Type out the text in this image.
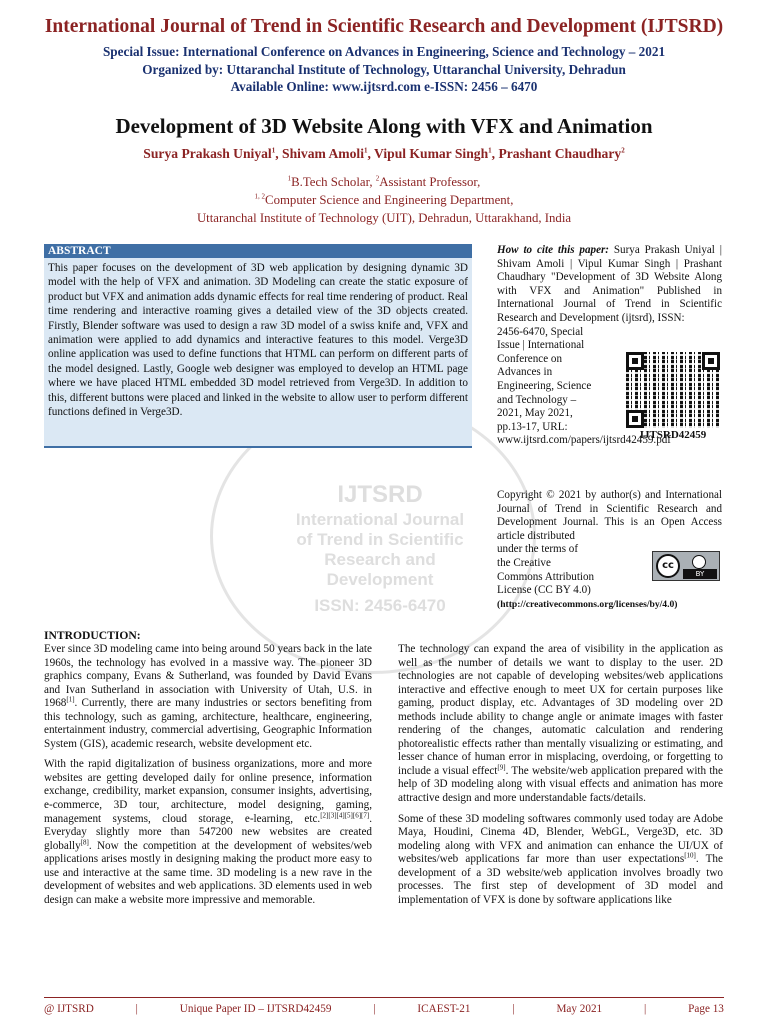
International Journal of Trend in Scientific Research and Development (IJTSRD)
Special Issue: International Conference on Advances in Engineering, Science and Technology – 2021
Organized by: Uttaranchal Institute of Technology, Uttaranchal University, Dehradun
Available Online: www.ijtsrd.com e-ISSN: 2456 – 6470
Development of 3D Website Along with VFX and Animation
Surya Prakash Uniyal$^1$, Shivam Amoli$^1$, Vipul Kumar Singh$^1$, Prashant Chaudhary$^2$
$^1$B.Tech Scholar, $^2$Assistant Professor,
$^{1, 2}$Computer Science and Engineering Department,
Uttaranchal Institute of Technology (UIT), Dehradun, Uttarakhand, India
IJTSRD
International Journal
of Trend in Scientific
Research and
Development
ISSN: 2456-6470
ABSTRACT

This paper focuses on the development of 3D web application by designing dynamic 3D model with the help of VFX and animation. 3D Modeling can create the static exposure of product but VFX and animation adds dynamic effects for real time rendering of product. Real time rendering and interactive roaming gives a detailed view of the 3D objects created. Firstly, Blender software was used to design a raw 3D model of a swiss knife and, VFX and animation were applied to add dynamics and interactive features to this model. Verge3D online application was used to define functions that HTML can perform on different parts of the model designed. Lastly, Google web designer was employed to develop an HTML page where we have placed HTML embedded 3D model retrieved from Verge3D. In addition to this, different buttons were placed and linked in the website to allow user to perform different functions defined in Verge3D.

How to cite this paper: Surya Prakash Uniyal | Shivam Amoli | Vipul Kumar Singh | Prashant Chaudhary "Development of 3D Website Along with VFX and Animation" Published in International Journal of Trend in Scientific Research and Development (ijtsrd), ISSN:

2456-6470, Special
Issue | International
Conference on
Advances in
Engineering, Science
and Technology –
2021, May 2021,
pp.13-17, URL:
www.ijtsrd.com/papers/ijtsrd42459.pdf
IJTSRD42459

Copyright © 2021 by author(s) and International Journal of Trend in Scientific Research and Development Journal. This is an Open Access article distributed

under the terms of
the Creative
Commons Attribution
License (CC BY 4.0)
(http://creativecommons.org/licenses/by/4.0)
cc
BY

INTRODUCTION:

Ever since 3D modeling came into being around 50 years back in the late 1960s, the technology has evolved in a massive way. The pioneer 3D graphics company, Evans & Sutherland, was founded by David Evans and Ivan Sutherland in association with University of Utah, U.S. in 1968[1]. Currently, there are many industries or sectors benefiting from this technology, such as gaming, architecture, healthcare, engineering, entertainment industry, commercial advertising, Geographic Information System (GIS), academic research, website development etc.

With the rapid digitalization of business organizations, more and more websites are getting developed daily for online presence, information exchange, credibility, market expansion, consumer insights, advertising, e-commerce, 3D tour, architecture, model designing, gaming, management systems, cloud storage, e-learning, etc.[2][3][4][5][6][7]. Everyday slightly more than 547200 new websites are created globally[8]. Now the competition at the development of websites/web applications arises mostly in designing making the product more easy to use and interactive at the same time. 3D modeling is a new rave in the development of websites and web applications. 3D elements used in web design can make a website more impressive and memorable.

The technology can expand the area of visibility in the application as well as the number of details we want to display to the user. 2D technologies are not capable of developing websites/web applications interactive and effective enough to meet UX for certain purposes like gaming, product display, etc. Advantages of 3D modeling over 2D methods include ability to change angle or animate images with faster rendering of the changes, automatic calculation and rendering photorealistic effects rather than mentally visualizing or estimating, and lesser chance of human error in misplacing, overdoing, or forgetting to include a visual effect[9]. The website/web application prepared with the help of 3D modeling along with visual effects and animation has more attractive design and more understandable facts/details.

Some of these 3D modeling softwares commonly used today are Adobe Maya, Houdini, Cinema 4D, Blender, WebGL, Verge3D, etc. 3D modeling along with VFX and animation can enhance the UI/UX of websites/web applications far more than user expectations[10]. The development of a 3D website/web application involves broadly two processes. The first step of development of 3D model and implementation of VFX is done by software applications like

@ IJTSRD	|	Unique Paper ID – IJTSRD42459	|	ICAEST-21	|	May 2021	|	Page 13
